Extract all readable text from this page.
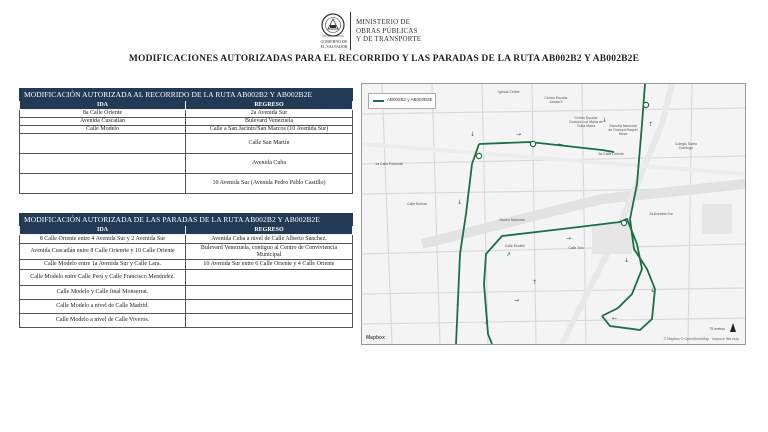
GOBIERNO DE
EL SALVADOR
MINISTERIO DE
OBRAS PÚBLICAS
Y DE TRANSPORTE
MODIFICACIONES AUTORIZADAS PARA EL RECORRIDO Y LAS PARADAS DE LA RUTA AB002B2 Y AB002B2E
MODIFICACIÓN AUTORIZADA AL RECORRIDO DE LA RUTA AB002B2 Y AB002B2E	
IDA	REGRESO
8a Calle Oriente	2a Avenida Sur
Avenida Cuscatlán	Bulevard Venezuela
Calle Modelo	Calle a San Jacinto/San Marcos (10 Avenida Sur)
	Calle San Martín
	Avenida Cuba
	10 Avenida Sur (Avenida Pedro Pablo Castillo)
MODIFICACIÓN AUTORIZADA DE LAS PARADAS DE LA RUTA AB002B2 Y AB002B2E	
IDA	REGRESO
8 Calle Oriente entre 4 Avenida Sur y 2 Avenida Sur	Avenida Cuba a nivel de Calle Alberto Sánchez.
Avenida Cuscatlán entre 8 Calle Orienrte y 10 Calle Oriente	Bulevard Venezuela, contiguo al Centro de Conviviencia Municipal
Calle Modelo entre 1a Avenida Sur y Calle Lara.	10 Avenida Sur entre 6 Calle Oriente y 4 Calle Oriente
Calle Modelo entre Calle Perú y Calle Francisco Menéndez.	
Calle Modelo y Calle final Monserrat.	
Calle Modelo a nivel de Calle Madrid.	
Calle Modelo a nivel de Calle Viveros.	
↓	→
←
↓
↓
↗
↗
→
↓
↑
↓
↓
←
↑
→
Iglesia Ceinte
Centro Escolar Jolutla II
Centro Escolar Doctora Luz Maria de Cuba Mena	Escuela Nacional de Doctora Raquel Mesa
Colegio Santo Domingo
Museo Nacional
Calle Tolú
1a Calle Poniente
9a Calle Oriente
Calle Bolívar
Calle Modelo
2a Avenida Sur
AB002B2 y AB002B2E
Mapbox
75 metros
© Mapbox © OpenStreetMap · Improve this map
